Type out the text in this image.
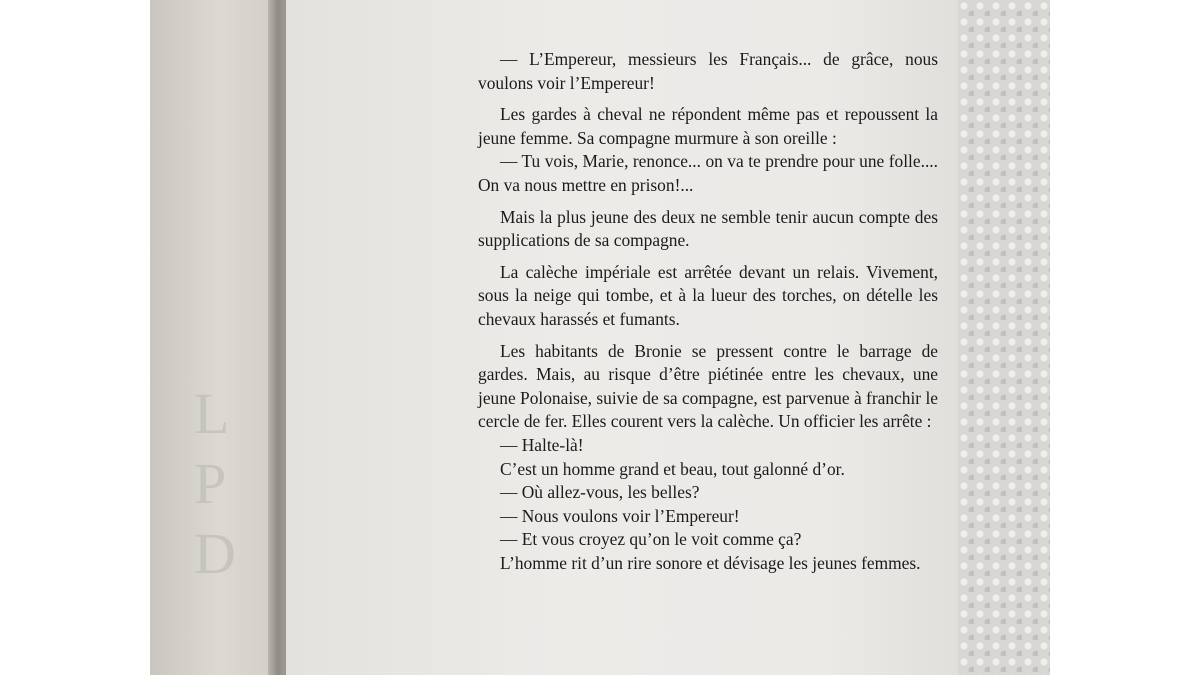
L
P
D

— L’Empereur, messieurs les Français... de grâce, nous voulons voir l’Empereur!

Les gardes à cheval ne répondent même pas et repoussent la jeune femme. Sa compagne murmure à son oreille :

— Tu vois, Marie, renonce... on va te prendre pour une folle.... On va nous mettre en prison!...

Mais la plus jeune des deux ne semble tenir aucun compte des supplications de sa compagne.

La calèche impériale est arrêtée devant un relais. Vivement, sous la neige qui tombe, et à la lueur des torches, on dételle les chevaux harassés et fumants.

Les habitants de Bronie se pressent contre le barrage de gardes. Mais, au risque d’être piétinée entre les chevaux, une jeune Polonaise, suivie de sa compagne, est parvenue à franchir le cercle de fer. Elles courent vers la calèche. Un officier les arrête :

— Halte-là!

C’est un homme grand et beau, tout galonné d’or.

— Où allez-vous, les belles?

— Nous voulons voir l’Empereur!

— Et vous croyez qu’on le voit comme ça?

L’homme rit d’un rire sonore et dévisage les jeunes femmes.
